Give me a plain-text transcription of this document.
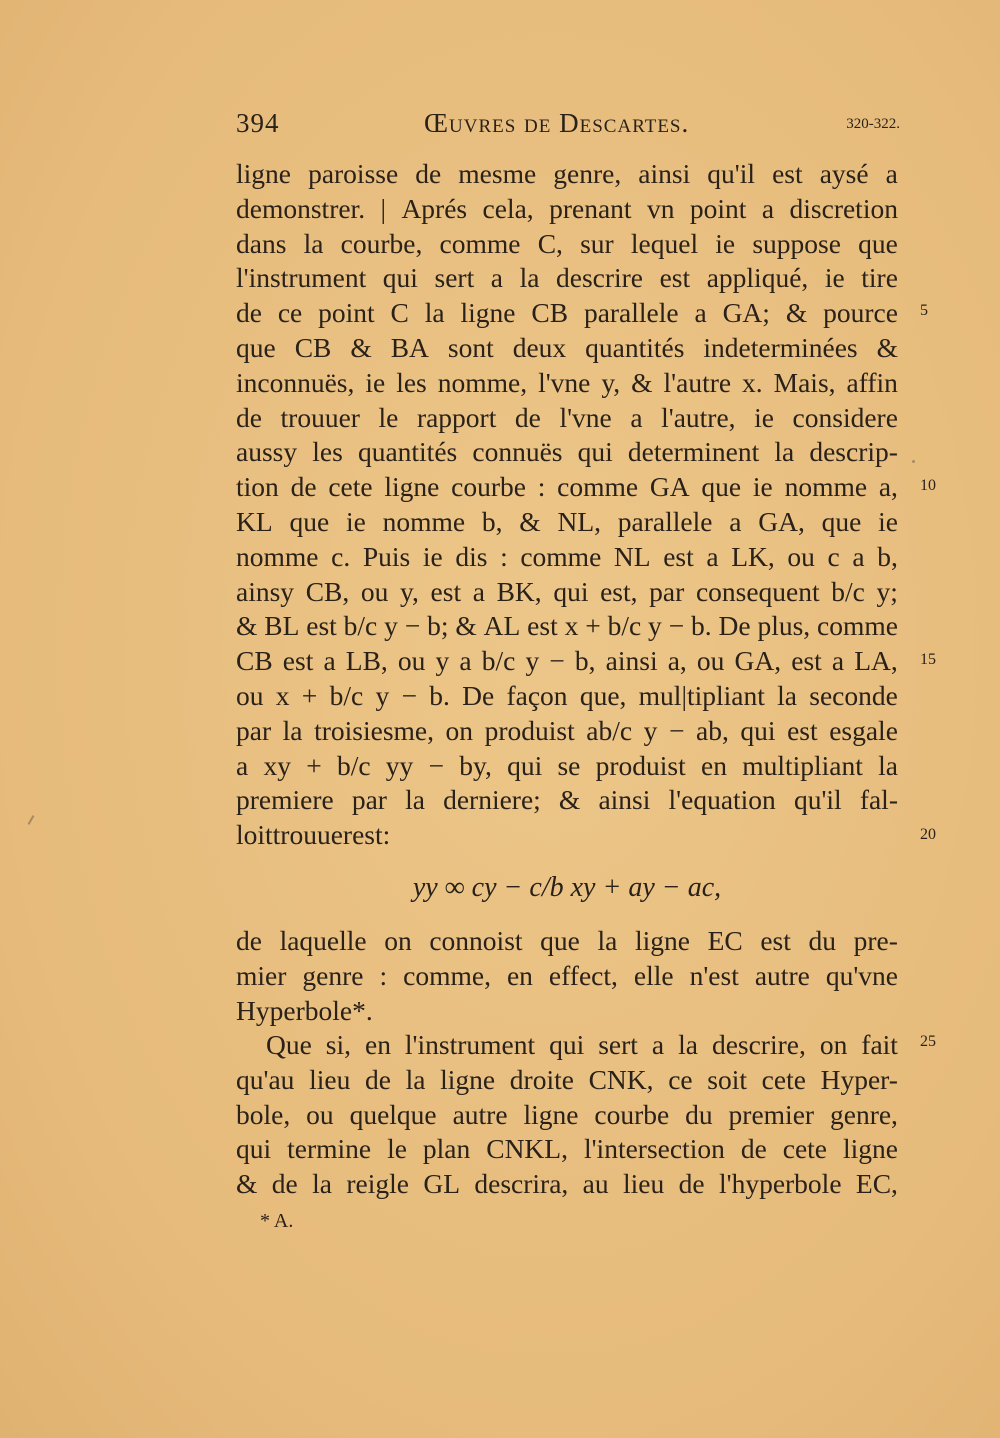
394	Œuvres de Descartes.	320-322.
ligne paroisse de mesme genre, ainsi qu'il est aysé a
demonstrer. | Aprés cela, prenant vn point a discretion
dans la courbe, comme C, sur lequel ie suppose que
l'instrument qui sert a la descrire est appliqué, ie tire
de ce point C la ligne CB parallele a GA; & pource
que CB & BA sont deux quantités indeterminées &
inconnuës, ie les nomme, l'vne y, & l'autre x. Mais, affin
de trouuer le rapport de l'vne a l'autre, ie considere
aussy les quantités connuës qui determinent la descrip-
tion de cete ligne courbe : comme GA que ie nomme a,
KL que ie nomme b, & NL, parallele a GA, que ie
nomme c. Puis ie dis : comme NL est a LK, ou c a b,
ainsy CB, ou y, est a BK, qui est, par consequent b/c y;
& BL est b/c y − b; & AL est x + b/c y − b. De plus, comme
CB est a LB, ou y a b/c y − b, ainsi a, ou GA, est a LA,
ou x + b/c y − b. De façon que, mul|tipliant la seconde
par la troisiesme, on produist ab/c y − ab, qui est esgale
a xy + b/c yy − by, qui se produist en multipliant la
premiere par la derniere; & ainsi l'equation qu'il fal-
loit trouuer est :
yy ∞ cy − c/b xy + ay − ac,
de laquelle on connoist que la ligne EC est du pre-
mier genre : comme, en effect, elle n'est autre qu'vne
Hyperbole*.
Que si, en l'instrument qui sert a la descrire, on fait
qu'au lieu de la ligne droite CNK, ce soit cete Hyper-
bole, ou quelque autre ligne courbe du premier genre,
qui termine le plan CNKL, l'intersection de cete ligne
& de la reigle GL descrira, au lieu de l'hyperbole EC,
5
10
15
20
25
* A.
